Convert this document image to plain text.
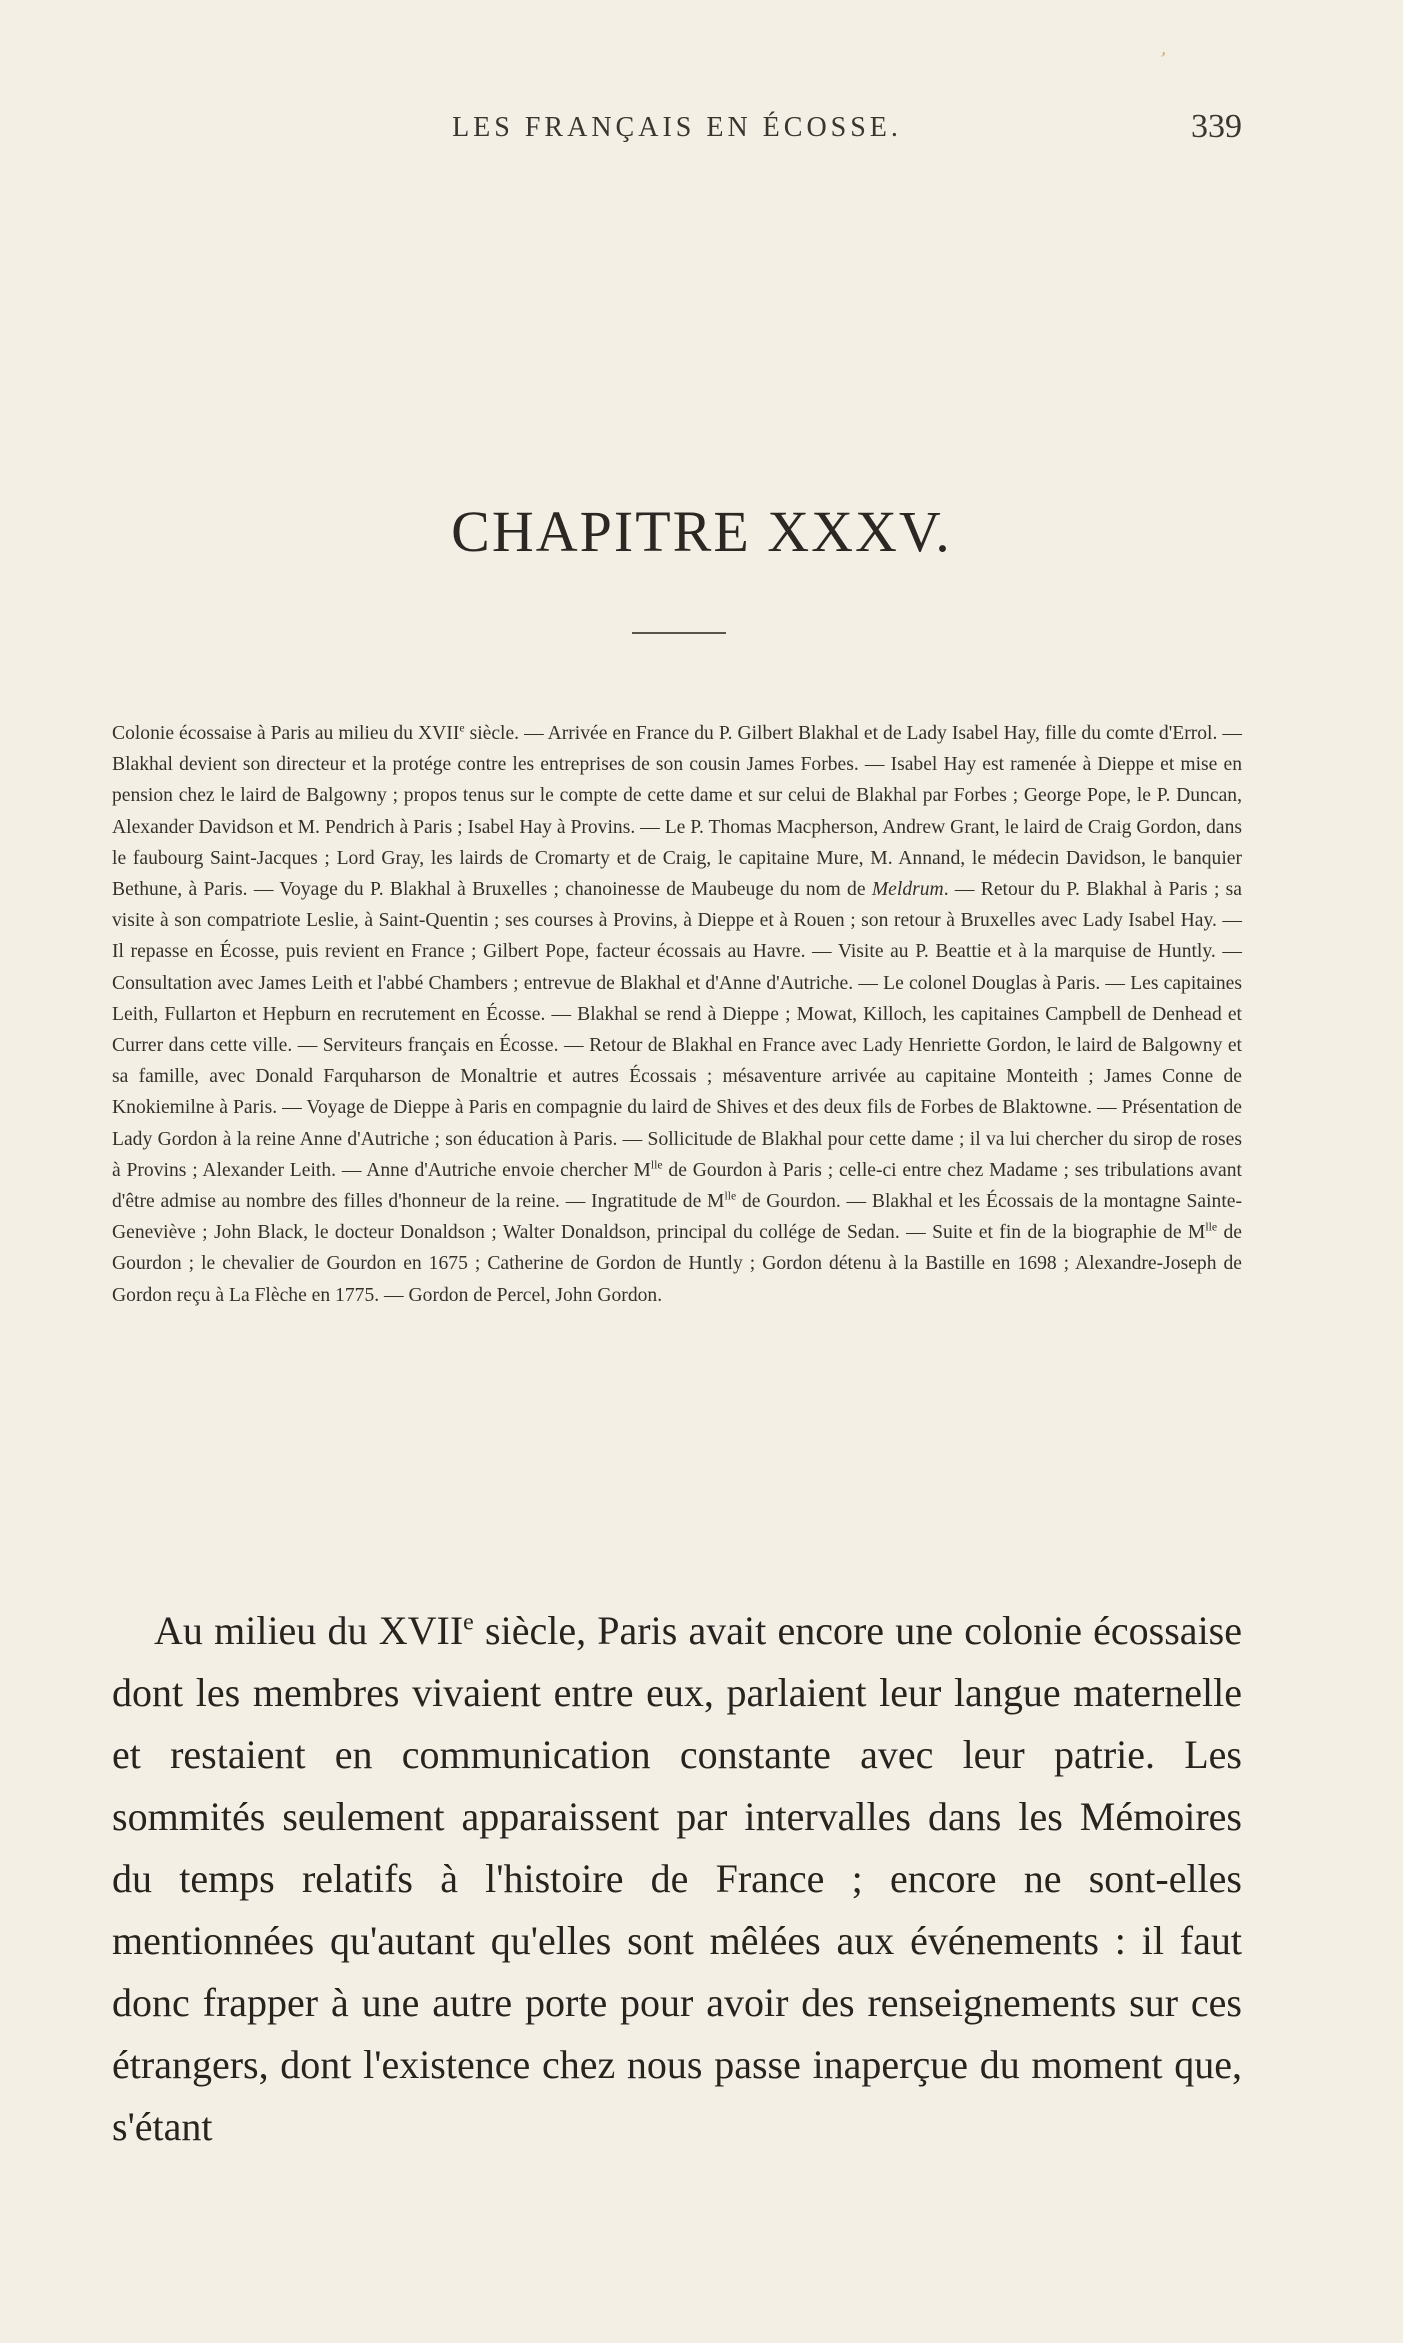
’
LES FRANÇAIS EN ÉCOSSE.	339
CHAPITRE XXXV.

Colonie écossaise à Paris au milieu du XVIIe siècle. — Arrivée en France du P. Gilbert Blakhal et de Lady Isabel Hay, fille du comte d'Errol. — Blakhal devient son directeur et la protége contre les entreprises de son cousin James Forbes. — Isabel Hay est ramenée à Dieppe et mise en pension chez le laird de Balgowny ; propos tenus sur le compte de cette dame et sur celui de Blakhal par Forbes ; George Pope, le P. Duncan, Alexander Davidson et M. Pendrich à Paris ; Isabel Hay à Provins. — Le P. Thomas Macpherson, Andrew Grant, le laird de Craig Gordon, dans le faubourg Saint-Jacques ; Lord Gray, les lairds de Cromarty et de Craig, le capitaine Mure, M. Annand, le médecin Davidson, le banquier Bethune, à Paris. — Voyage du P. Blakhal à Bruxelles ; chanoinesse de Maubeuge du nom de Meldrum. — Retour du P. Blakhal à Paris ; sa visite à son compatriote Leslie, à Saint-Quentin ; ses courses à Provins, à Dieppe et à Rouen ; son retour à Bruxelles avec Lady Isabel Hay. — Il repasse en Écosse, puis revient en France ; Gilbert Pope, facteur écossais au Havre. — Visite au P. Beattie et à la marquise de Huntly. — Consultation avec James Leith et l'abbé Chambers ; entrevue de Blakhal et d'Anne d'Autriche. — Le colonel Douglas à Paris. — Les capitaines Leith, Fullarton et Hepburn en recrutement en Écosse. — Blakhal se rend à Dieppe ; Mowat, Killoch, les capitaines Campbell de Denhead et Currer dans cette ville. — Serviteurs français en Écosse. — Retour de Blakhal en France avec Lady Henriette Gordon, le laird de Balgowny et sa famille, avec Donald Farquharson de Monaltrie et autres Écossais ; mésaventure arrivée au capitaine Monteith ; James Conne de Knokiemilne à Paris. — Voyage de Dieppe à Paris en compagnie du laird de Shives et des deux fils de Forbes de Blaktowne. — Présentation de Lady Gordon à la reine Anne d'Autriche ; son éducation à Paris. — Sollicitude de Blakhal pour cette dame ; il va lui chercher du sirop de roses à Provins ; Alexander Leith. — Anne d'Autriche envoie chercher $M^{lle}$ de Gourdon à Paris ; celle-ci entre chez Madame ; ses tribulations avant d'être admise au nombre des filles d'honneur de la reine. — Ingratitude de $M^{lle}$ de Gourdon. — Blakhal et les Écossais de la montagne Sainte-Geneviève ; John Black, le docteur Donaldson ; Walter Donaldson, principal du collége de Sedan. — Suite et fin de la biographie de $M^{lle}$ de Gourdon ; le chevalier de Gourdon en 1675 ; Catherine de Gordon de Huntly ; Gordon détenu à la Bastille en 1698 ; Alexandre-Joseph de Gordon reçu à La Flèche en 1775. — Gordon de Percel, John Gordon.

Au milieu du XVIIe siècle, Paris avait encore une colonie écossaise dont les membres vivaient entre eux, parlaient leur langue maternelle et restaient en communication constante avec leur patrie. Les sommités seulement apparaissent par intervalles dans les Mémoires du temps relatifs à l'histoire de France ; encore ne sont-elles mentionnées qu'autant qu'elles sont mêlées aux événements : il faut donc frapper à une autre porte pour avoir des renseignements sur ces étrangers, dont l'existence chez nous passe inaperçue du moment que, s'étant
